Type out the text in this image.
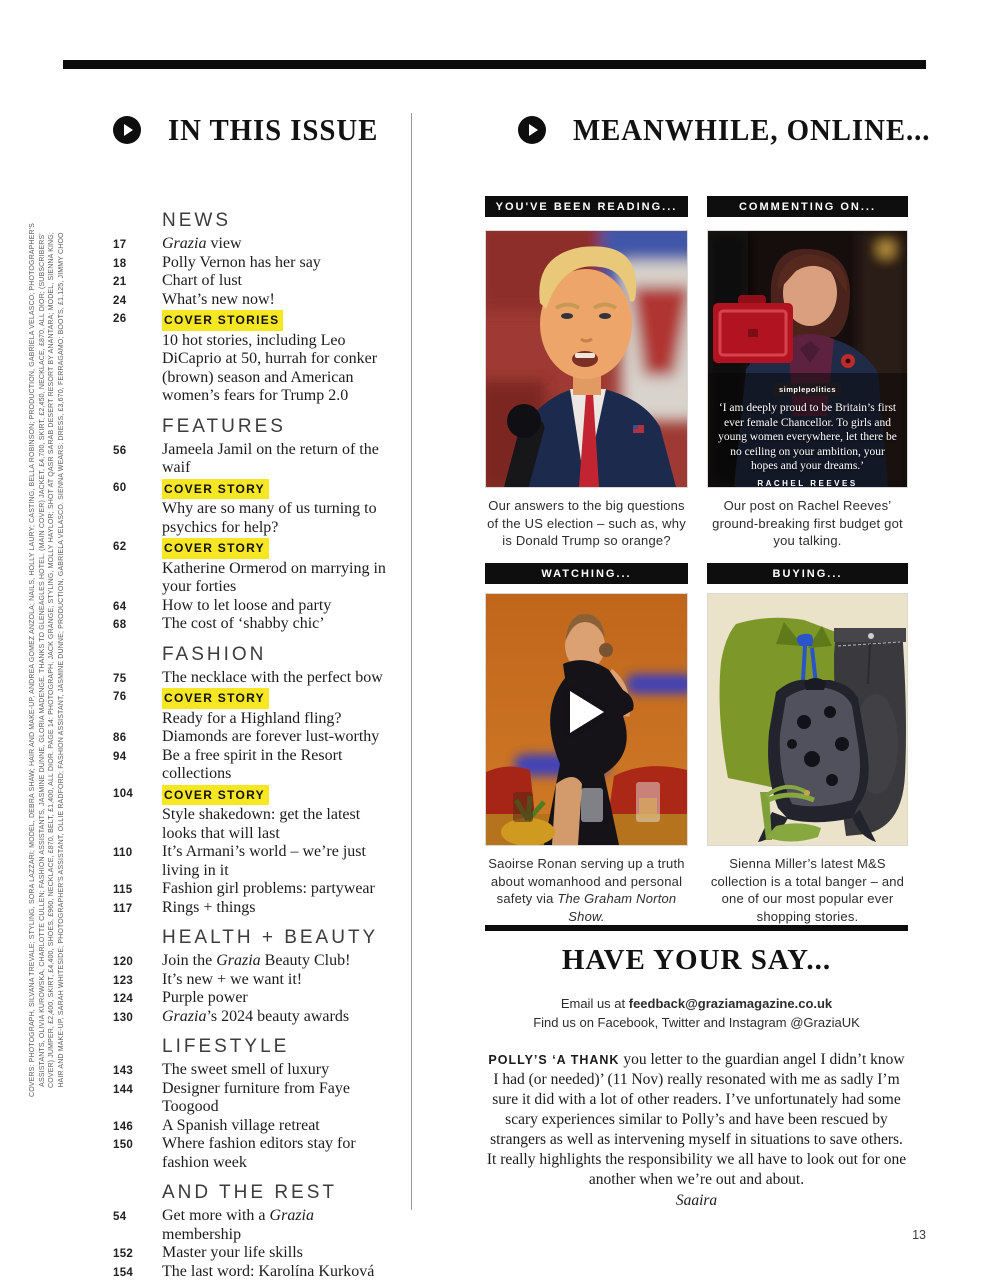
COVERS: PHOTOGRAPH, SILVANA TREVALE; STYLING, SORA LAZZARI; MODEL, DEBRA SHAW; HAIR AND MAKE-UP, ANDREA GOMEZ ANZOLA; NAILS, HOLLY LAURY; CASTING, BELLA ROBINSON; PRODUCTION, GABRIELA VELASCO; PHOTOGRAPHER'S ASSISTANTS, OLIVIA KUROWSKA, CHARLOTTE CULLEN; FASHION ASSISTANTS, JASMINE DUNNE, GLORIA MADENGE. THANKS TO GLENEAGLES HOTEL. (MAIN COVER) JACKET, £4,700, SKIRT, £2,450, NECKLACE, £870, ALL DIOR; (SUBSCRIBERS' COVER) JUMPER, £2,400, SKIRT, £4,400, SHOES, £960, NECKLACE, £870, BELT, £1,400, ALL DIOR. PAGE 14: PHOTOGRAPH, JACK GRANGE; STYLING, MOLLY HAYLOR; SHOT AT QASR SARAB DESERT RESORT BY ANANTARA; MODEL, SIENNA KING; HAIR AND MAKE-UP, SARAH WHITESIDE; PHOTOGRAPHER'S ASSISTANT, OLLIE RADFORD; FASHION ASSISTANT, JASMINE DUNNE; PRODUCTION, GABRIELA VELASCO. SIENNA WEARS: DRESS, £3,670, FERRAGAMO; BOOTS, £1,125, JIMMY CHOO
IN THIS ISSUE
NEWS
17	Grazia view
18	Polly Vernon has her say
21	Chart of lust
24	What’s new now!
26	COVER STORIES
10 hot stories, including Leo DiCaprio at 50, hurrah for conker (brown) season and American women’s fears for Trump 2.0
FEATURES
56	Jameela Jamil on the return of the waif
60	COVER STORY
Why are so many of us turning to psychics for help?
62	COVER STORY
Katherine Ormerod on marrying in your forties
64	How to let loose and party
68	The cost of ‘shabby chic’
FASHION
75	The necklace with the perfect bow
76	COVER STORY
Ready for a Highland fling?
86	Diamonds are forever lust-worthy
94	Be a free spirit in the Resort collections
104	COVER STORY
Style shakedown: get the latest looks that will last
110	It’s Armani’s world – we’re just living in it
115	Fashion girl problems: partywear
117	Rings + things
HEALTH + BEAUTY
120	Join the Grazia Beauty Club!
123	It’s new + we want it!
124	Purple power
130	Grazia’s 2024 beauty awards
LIFESTYLE
143	The sweet smell of luxury
144	Designer furniture from Faye Toogood
146	A Spanish village retreat
150	Where fashion editors stay for fashion week
AND THE REST
54	Get more with a Grazia membership
152	Master your life skills
154	The last word: Karolína Kurková
MEANWHILE, ONLINE...
YOU'VE BEEN READING...	COMMENTING ON...
simplepolitics
‘I am deeply proud to be Britain’s first ever female Chancellor. To girls and young women everywhere, let there be no ceiling on your ambition, your hopes and your dreams.’
RACHEL REEVES
Our answers to the big questions of the US election – such as, why is Donald Trump so orange?
Our post on Rachel Reeves’ ground-breaking first budget got you talking.
WATCHING...	BUYING...
Saoirse Ronan serving up a truth about womanhood and personal safety via The Graham Norton Show.
Sienna Miller’s latest M&S collection is a total banger – and one of our most popular ever shopping stories.
HAVE YOUR SAY...
Email us at feedback@graziamagazine.co.uk
Find us on Facebook, Twitter and Instagram @GraziaUK
POLLY’S ‘A THANK you letter to the guardian angel I didn’t know I had (or needed)’ (11 Nov) really resonated with me as sadly I’m sure it did with a lot of other readers. I’ve unfortunately had some scary experiences similar to Polly’s and have been rescued by strangers as well as intervening myself in situations to save others. It really highlights the responsibility we all have to look out for one another when we’re out and about.
Saaira
13
